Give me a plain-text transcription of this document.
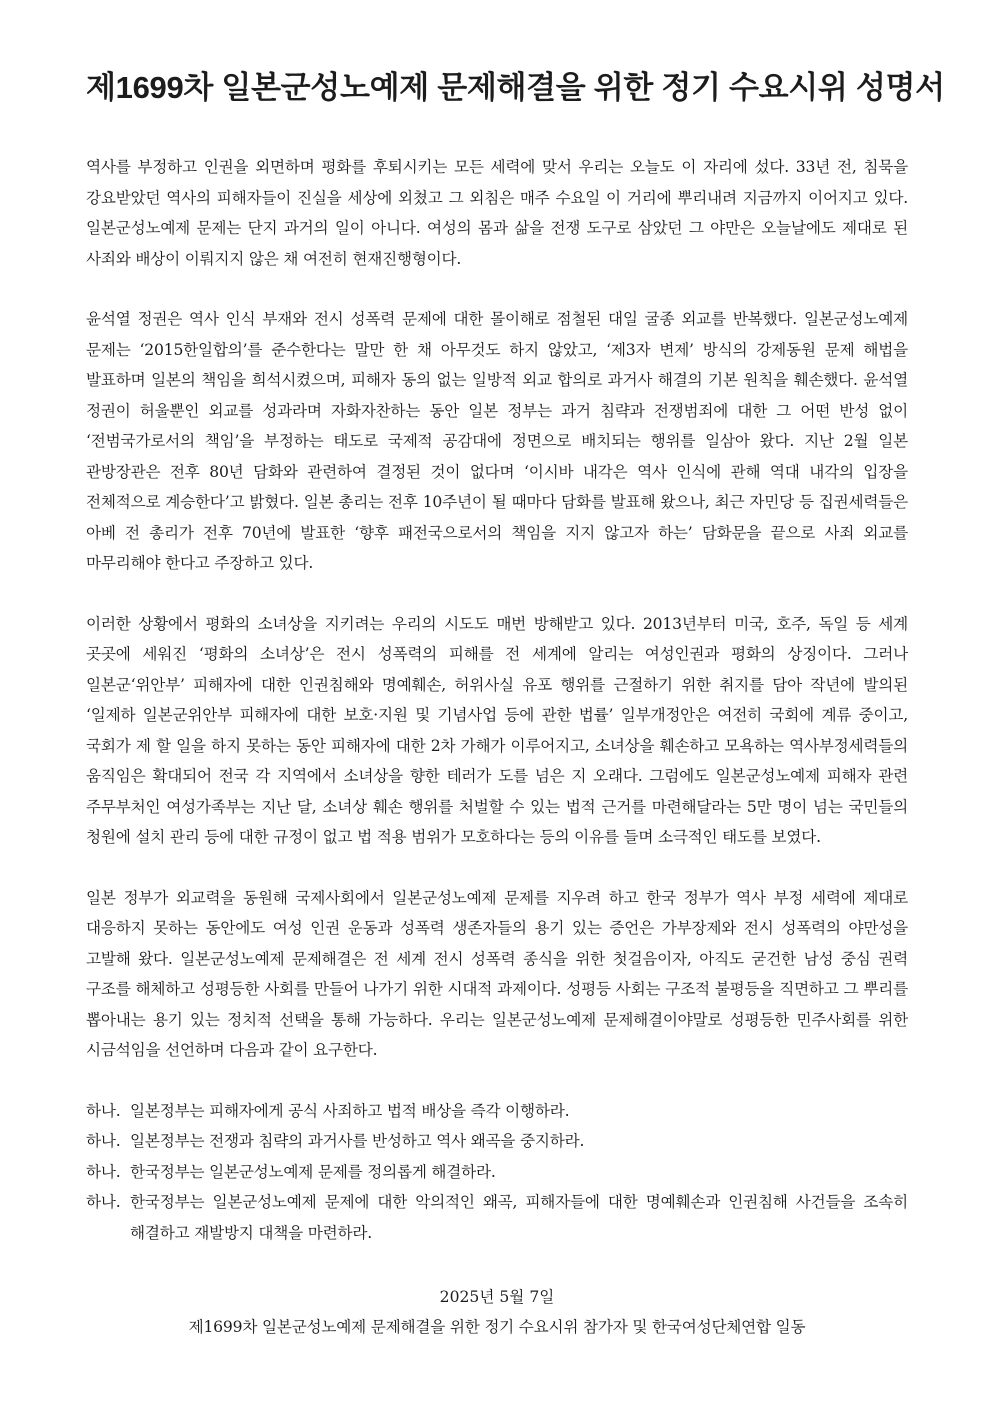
제1699차 일본군성노예제 문제해결을 위한 정기 수요시위 성명서

역사를 부정하고 인권을 외면하며 평화를 후퇴시키는 모든 세력에 맞서 우리는 오늘도 이 자리에 섰다. 33년 전, 침묵을 강요받았던 역사의 피해자들이 진실을 세상에 외쳤고 그 외침은 매주 수요일 이 거리에 뿌리내려 지금까지 이어지고 있다. 일본군성노예제 문제는 단지 과거의 일이 아니다. 여성의 몸과 삶을 전쟁 도구로 삼았던 그 야만은 오늘날에도 제대로 된 사죄와 배상이 이뤄지지 않은 채 여전히 현재진행형이다.

윤석열 정권은 역사 인식 부재와 전시 성폭력 문제에 대한 몰이해로 점철된 대일 굴종 외교를 반복했다. 일본군성노예제 문제는 ‘2015한일합의’를 준수한다는 말만 한 채 아무것도 하지 않았고, ‘제3자 변제’ 방식의 강제동원 문제 해법을 발표하며 일본의 책임을 희석시켰으며, 피해자 동의 없는 일방적 외교 합의로 과거사 해결의 기본 원칙을 훼손했다. 윤석열 정권이 허울뿐인 외교를 성과라며 자화자찬하는 동안 일본 정부는 과거 침략과 전쟁범죄에 대한 그 어떤 반성 없이 ‘전범국가로서의 책임’을 부정하는 태도로 국제적 공감대에 정면으로 배치되는 행위를 일삼아 왔다. 지난 2월 일본 관방장관은 전후 80년 담화와 관련하여 결정된 것이 없다며 ‘이시바 내각은 역사 인식에 관해 역대 내각의 입장을 전체적으로 계승한다’고 밝혔다. 일본 총리는 전후 10주년이 될 때마다 담화를 발표해 왔으나, 최근 자민당 등 집권세력들은 아베 전 총리가 전후 70년에 발표한 ‘향후 패전국으로서의 책임을 지지 않고자 하는’ 담화문을 끝으로 사죄 외교를 마무리해야 한다고 주장하고 있다.

이러한 상황에서 평화의 소녀상을 지키려는 우리의 시도도 매번 방해받고 있다. 2013년부터 미국, 호주, 독일 등 세계 곳곳에 세워진 ‘평화의 소녀상’은 전시 성폭력의 피해를 전 세계에 알리는 여성인권과 평화의 상징이다. 그러나 일본군‘위안부’ 피해자에 대한 인권침해와 명예훼손, 허위사실 유포 행위를 근절하기 위한 취지를 담아 작년에 발의된 ‘일제하 일본군위안부 피해자에 대한 보호·지원 및 기념사업 등에 관한 법률’ 일부개정안은 여전히 국회에 계류 중이고, 국회가 제 할 일을 하지 못하는 동안 피해자에 대한 2차 가해가 이루어지고, 소녀상을 훼손하고 모욕하는 역사부정세력들의 움직임은 확대되어 전국 각 지역에서 소녀상을 향한 테러가 도를 넘은 지 오래다. 그럼에도 일본군성노예제 피해자 관련 주무부처인 여성가족부는 지난 달, 소녀상 훼손 행위를 처벌할 수 있는 법적 근거를 마련해달라는 5만 명이 넘는 국민들의 청원에 설치 관리 등에 대한 규정이 없고 법 적용 범위가 모호하다는 등의 이유를 들며 소극적인 태도를 보였다.

일본 정부가 외교력을 동원해 국제사회에서 일본군성노예제 문제를 지우려 하고 한국 정부가 역사 부정 세력에 제대로 대응하지 못하는 동안에도 여성 인권 운동과 성폭력 생존자들의 용기 있는 증언은 가부장제와 전시 성폭력의 야만성을 고발해 왔다. 일본군성노예제 문제해결은 전 세계 전시 성폭력 종식을 위한 첫걸음이자, 아직도 굳건한 남성 중심 권력 구조를 해체하고 성평등한 사회를 만들어 나가기 위한 시대적 과제이다. 성평등 사회는 구조적 불평등을 직면하고 그 뿌리를 뽑아내는 용기 있는 정치적 선택을 통해 가능하다. 우리는 일본군성노예제 문제해결이야말로 성평등한 민주사회를 위한 시금석임을 선언하며 다음과 같이 요구한다.

하나. 일본정부는 피해자에게 공식 사죄하고 법적 배상을 즉각 이행하라.
하나. 일본정부는 전쟁과 침략의 과거사를 반성하고 역사 왜곡을 중지하라.
하나. 한국정부는 일본군성노예제 문제를 정의롭게 해결하라.
하나. 한국정부는 일본군성노예제 문제에 대한 악의적인 왜곡, 피해자들에 대한 명예훼손과 인권침해 사건들을 조속히 해결하고 재발방지 대책을 마련하라.
2025년 5월 7일
제1699차 일본군성노예제 문제해결을 위한 정기 수요시위 참가자 및 한국여성단체연합 일동
